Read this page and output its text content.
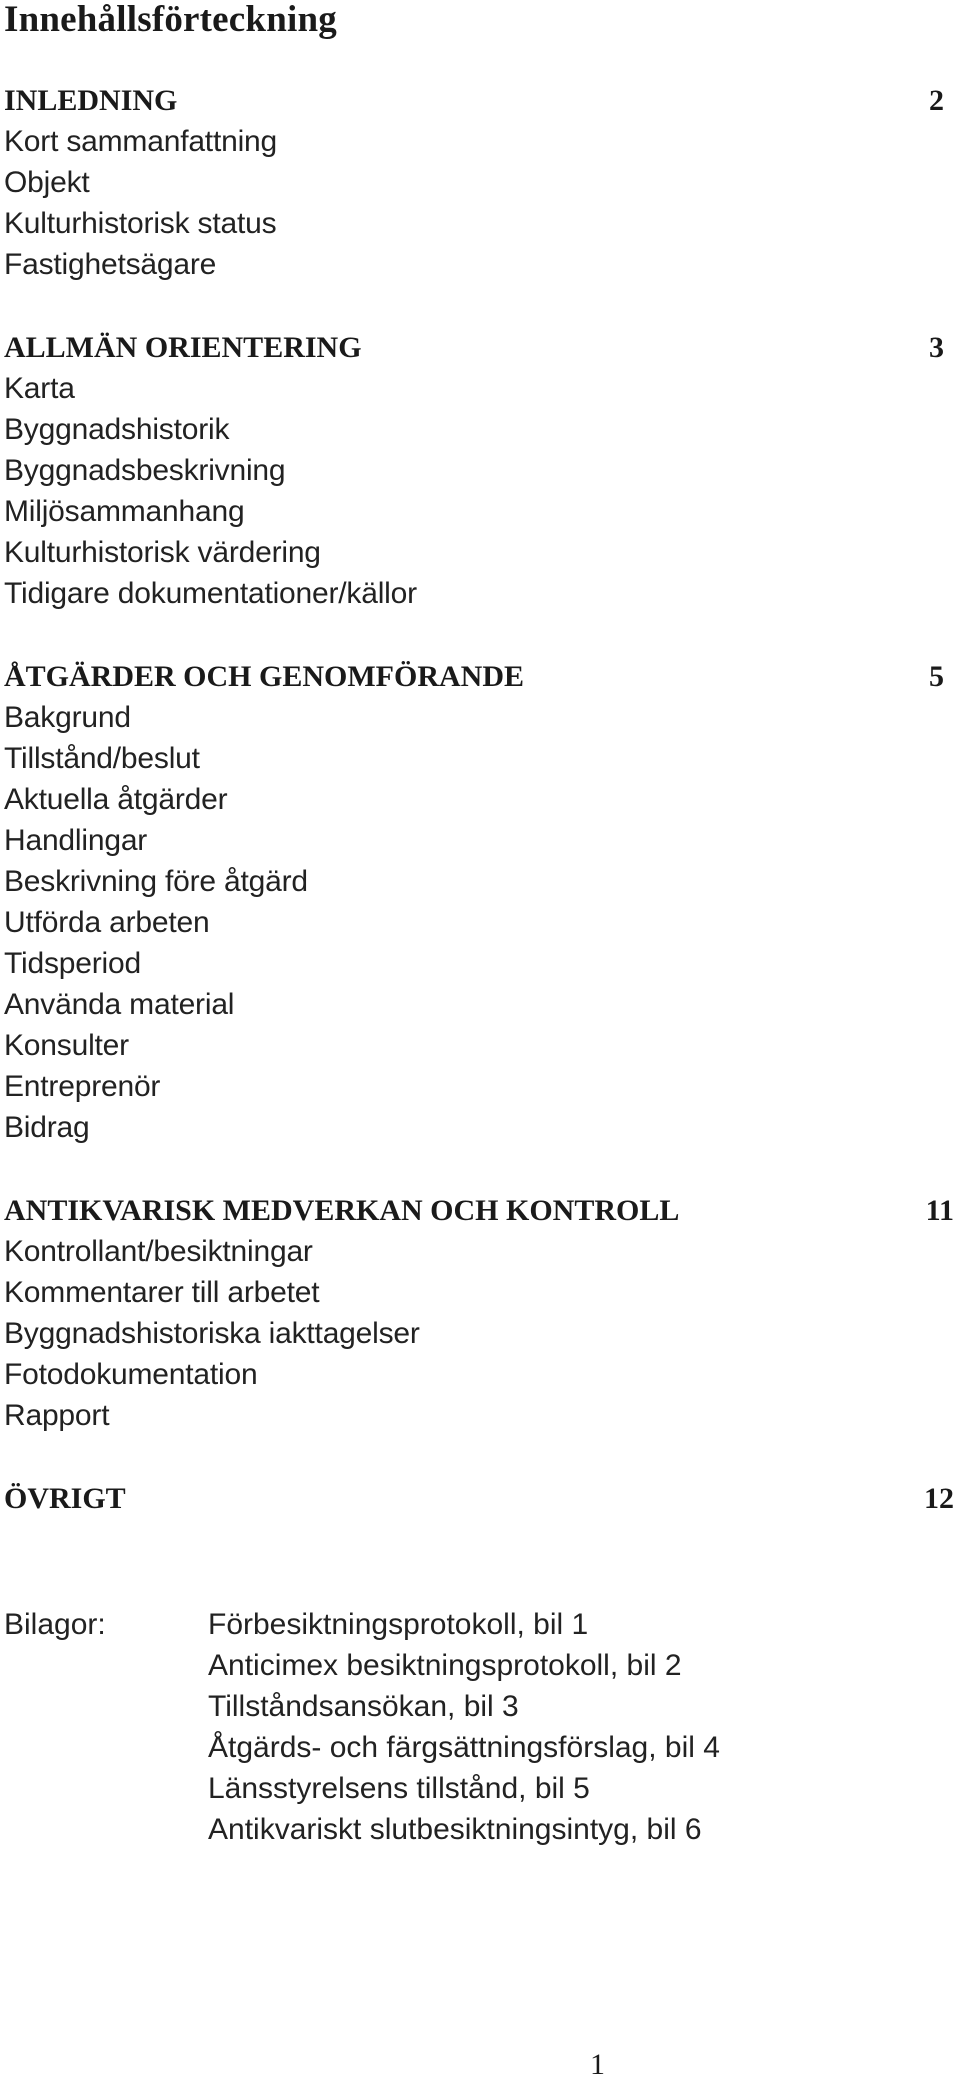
Innehållsförteckning
INLEDNING	2
Kort sammanfattning
Objekt
Kulturhistorisk status
Fastighetsägare
ALLMÄN ORIENTERING	3
Karta
Byggnadshistorik
Byggnadsbeskrivning
Miljösammanhang
Kulturhistorisk värdering
Tidigare dokumentationer/källor
ÅTGÄRDER OCH GENOMFÖRANDE	5
Bakgrund
Tillstånd/beslut
Aktuella åtgärder
Handlingar
Beskrivning före åtgärd
Utförda arbeten
Tidsperiod
Använda material
Konsulter
Entreprenör
Bidrag
ANTIKVARISK MEDVERKAN OCH KONTROLL	11
Kontrollant/besiktningar
Kommentarer till arbetet
Byggnadshistoriska iakttagelser
Fotodokumentation
Rapport
ÖVRIGT	12
Bilagor:	Förbesiktningsprotokoll, bil 1
Anticimex besiktningsprotokoll, bil 2
Tillståndsansökan, bil 3
Åtgärds- och färgsättningsförslag, bil 4
Länsstyrelsens tillstånd, bil 5
Antikvariskt slutbesiktningsintyg, bil 6
1
